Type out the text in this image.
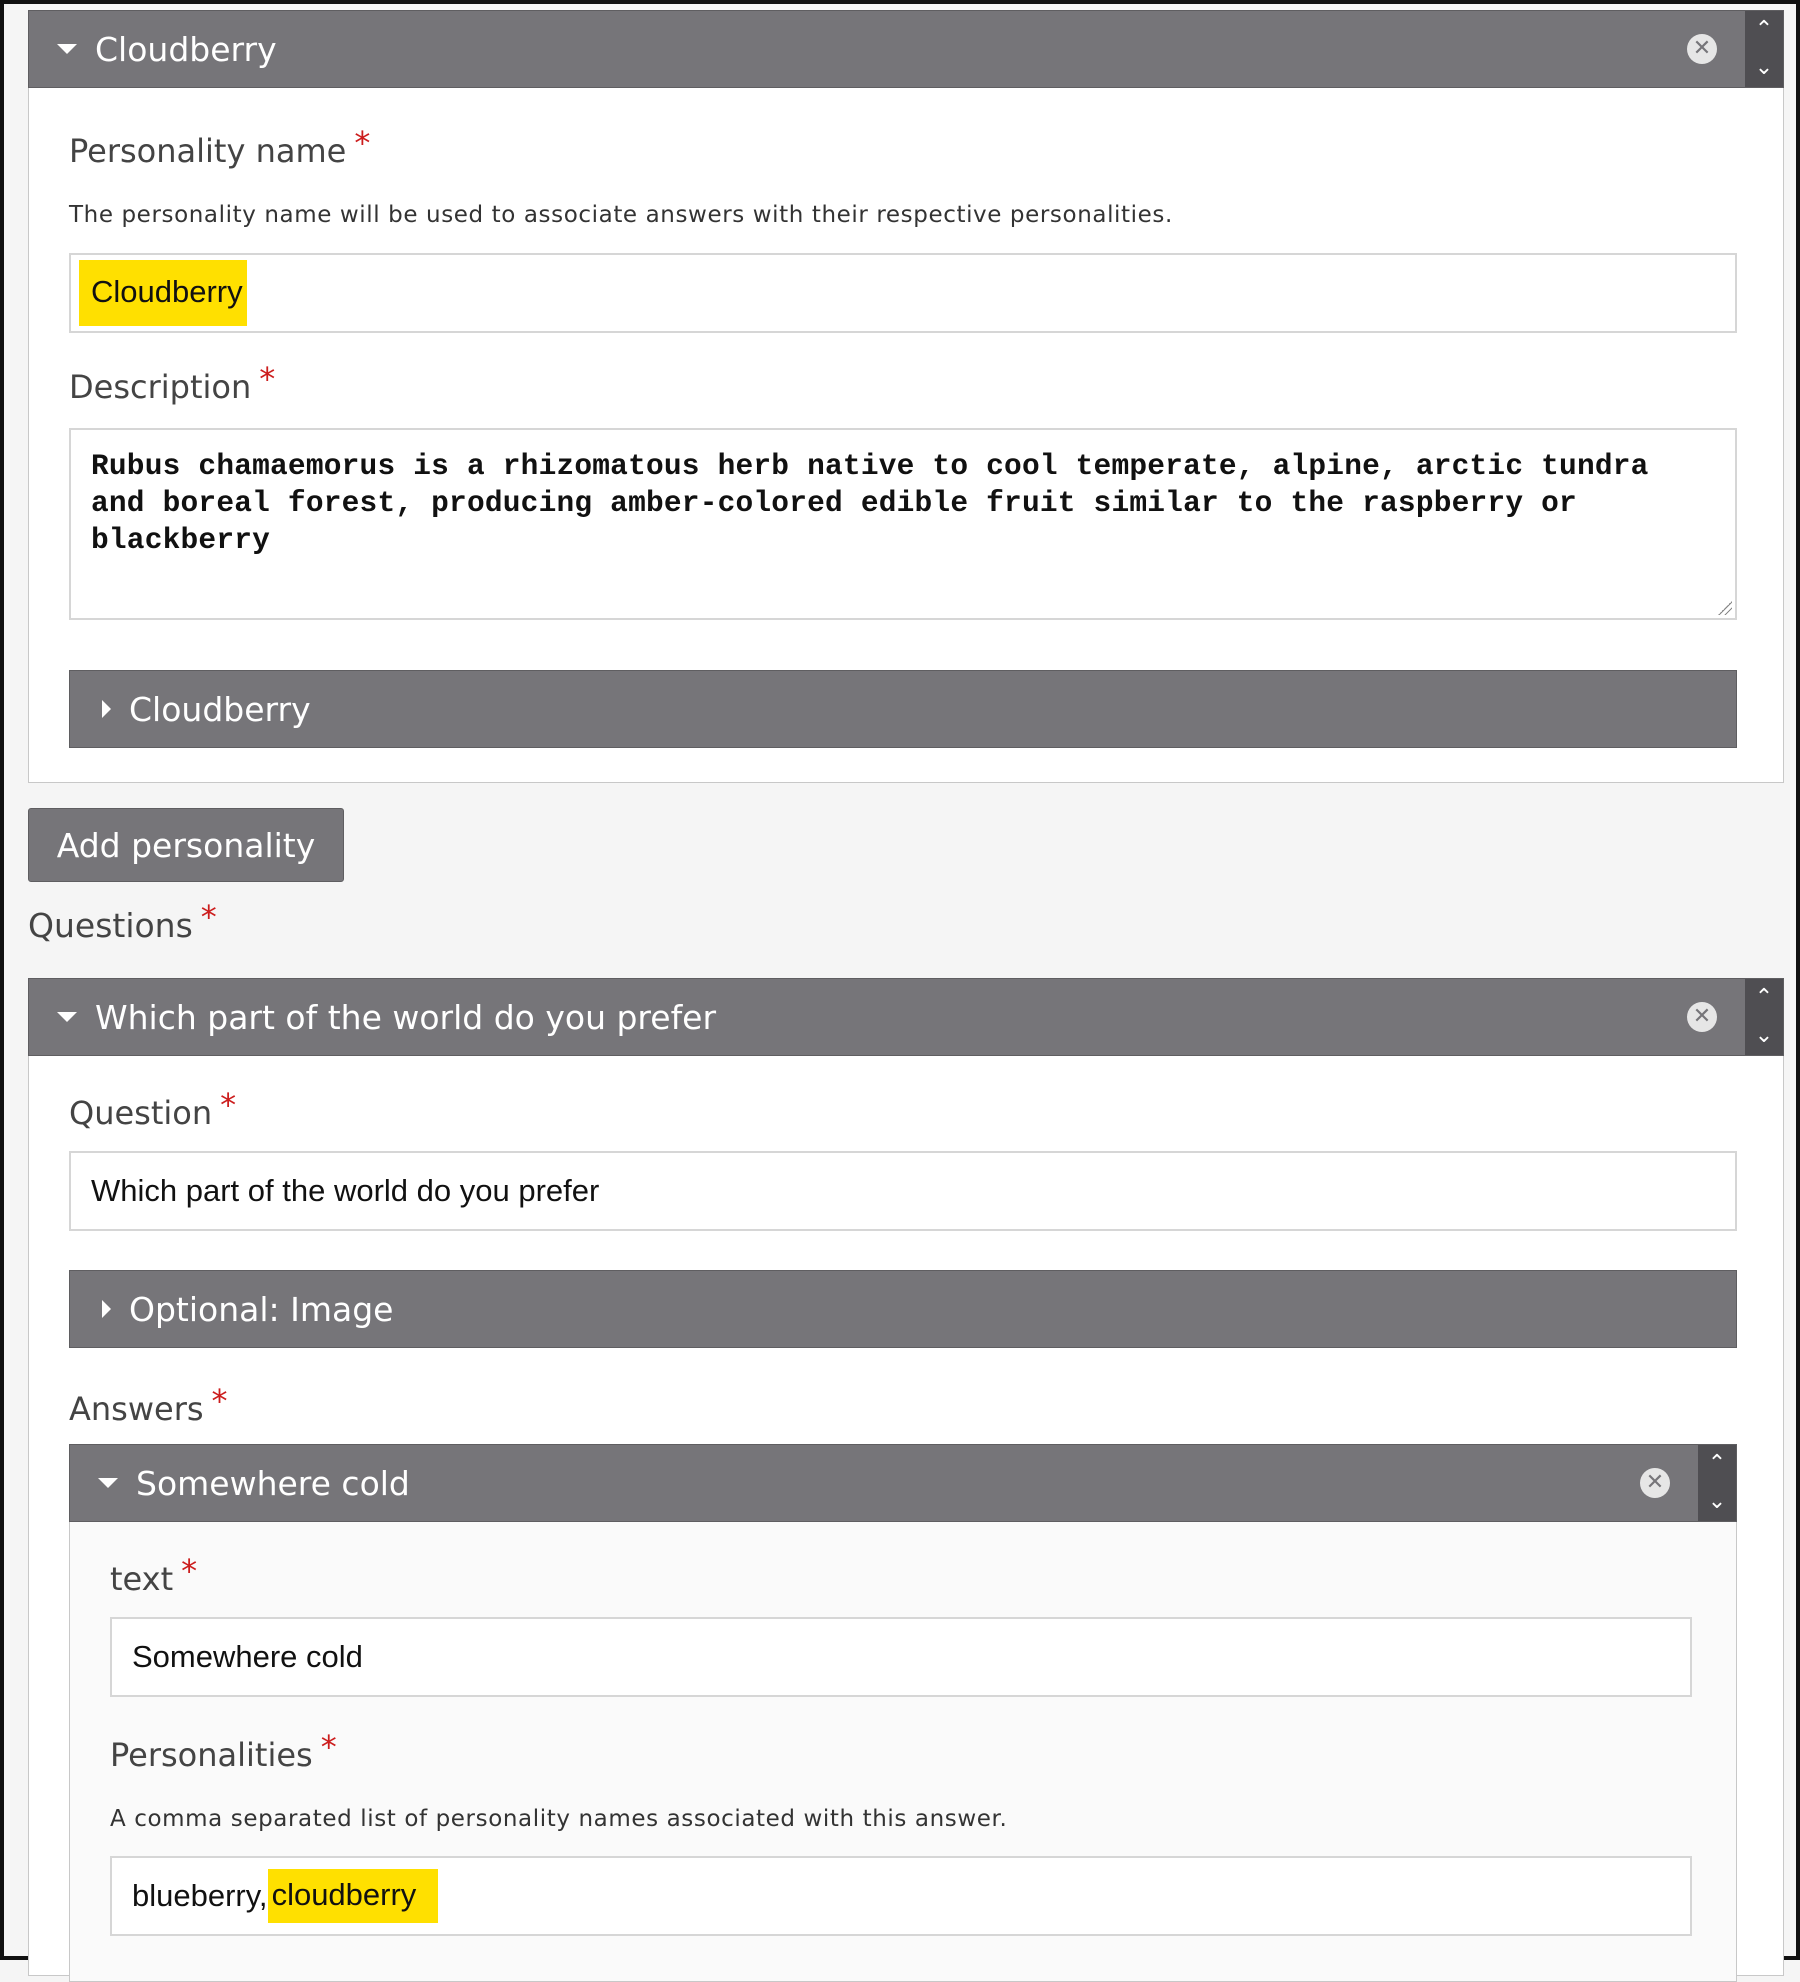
Cloudberry	✕
⌃
⌄
Personality name *
The personality name will be used to associate answers with their respective personalities.
Cloudberry
Description *
Rubus chamaemorus is a rhizomatous herb native to cool temperate, alpine, arctic tundra and boreal forest, producing amber-colored edible fruit similar to the raspberry or blackberry
Cloudberry
Add personality
Questions *
Which part of the world do you prefer	✕
⌃
⌄
Question *
Which part of the world do you prefer
Optional: Image
Answers *
Somewhere cold	✕
⌃
⌄
text *
Somewhere cold
Personalities *
A comma separated list of personality names associated with this answer.
blueberry, cloudberry
